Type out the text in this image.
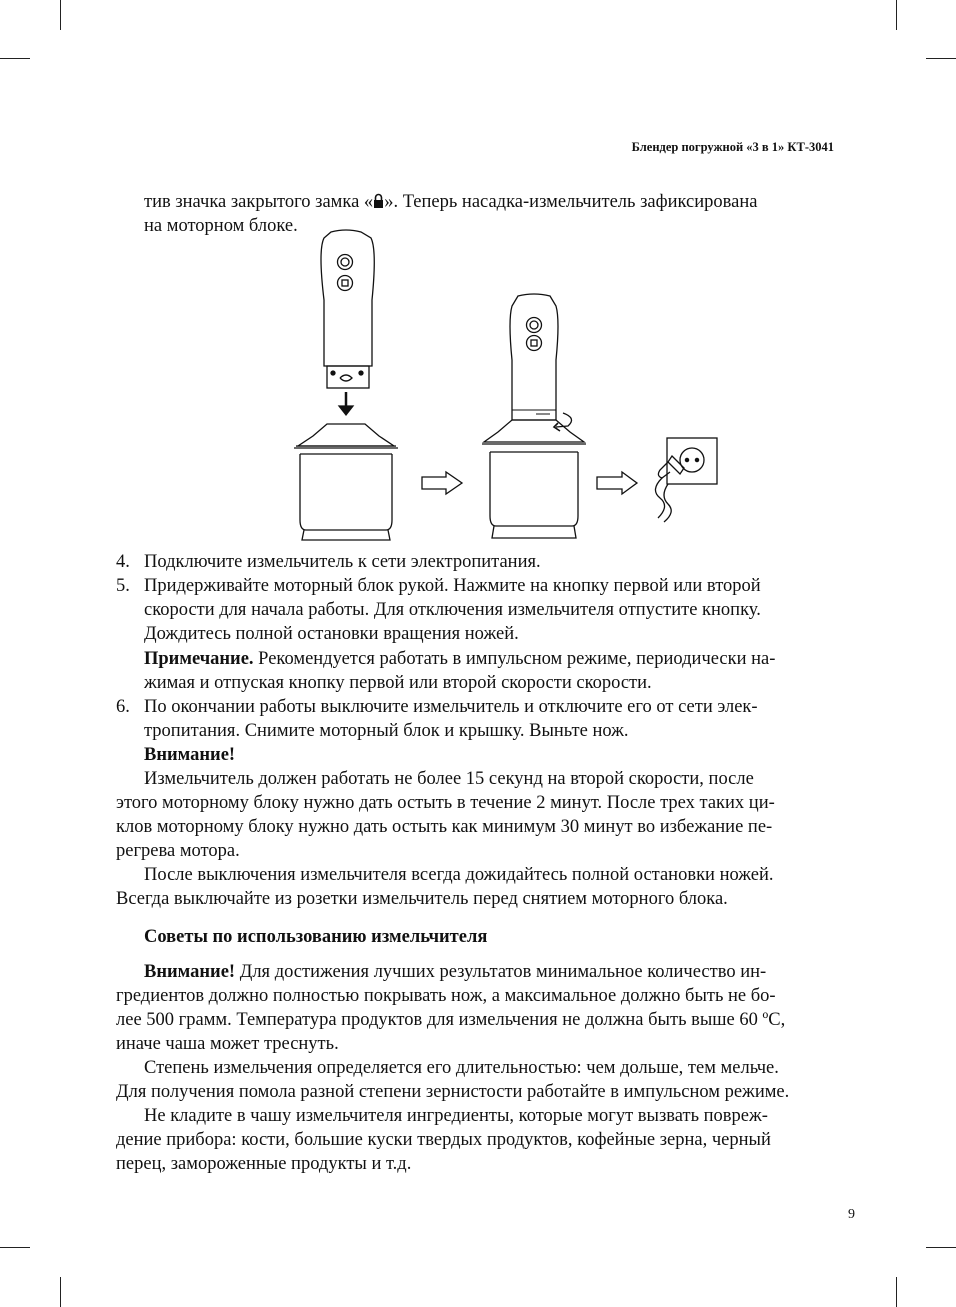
Блендер погружной «3 в 1» КТ-3041
тив значка закрытого замка « ». Теперь насадка-измельчитель зафиксирована
на моторном блоке.
4. Подключите измельчитель к сети электропитания.
5. Придерживайте моторный блок рукой. Нажмите на кнопку первой или второй
скорости для начала работы. Для отключения измельчителя отпустите кнопку.
Дождитесь полной остановки вращения ножей.
Примечание. Рекомендуется работать в импульсном режиме, периодически на-
жимая и отпуская кнопку первой или второй скорости скорости.
6. По окончании работы выключите измельчитель и отключите его от сети элек-
тропитания. Снимите моторный блок и крышку. Выньте нож.
Внимание!
Измельчитель должен работать не более 15 секунд на второй скорости, после
этого моторному блоку нужно дать остыть в течение 2 минут. После трех таких ци-
клов моторному блоку нужно дать остыть как минимум 30 минут во избежание пе-
регрева мотора.
После выключения измельчителя всегда дожидайтесь полной остановки ножей.
Всегда выключайте из розетки измельчитель перед снятием моторного блока.
Советы по использованию измельчителя
Внимание! Для достижения лучших результатов минимальное количество ин-
гредиентов должно полностью покрывать нож, а максимальное должно быть не бо-
лее 500 грамм. Температура продуктов для измельчения не должна быть выше 60 ºС,
иначе чаша может треснуть.
Степень измельчения определяется его длительностью: чем дольше, тем мельче.
Для получения помола разной степени зернистости работайте в импульсном режиме.
Не кладите в чашу измельчителя ингредиенты, которые могут вызвать повреж-
дение прибора: кости, большие куски твердых продуктов, кофейные зерна, черный
перец, замороженные продукты и т.д.
9
